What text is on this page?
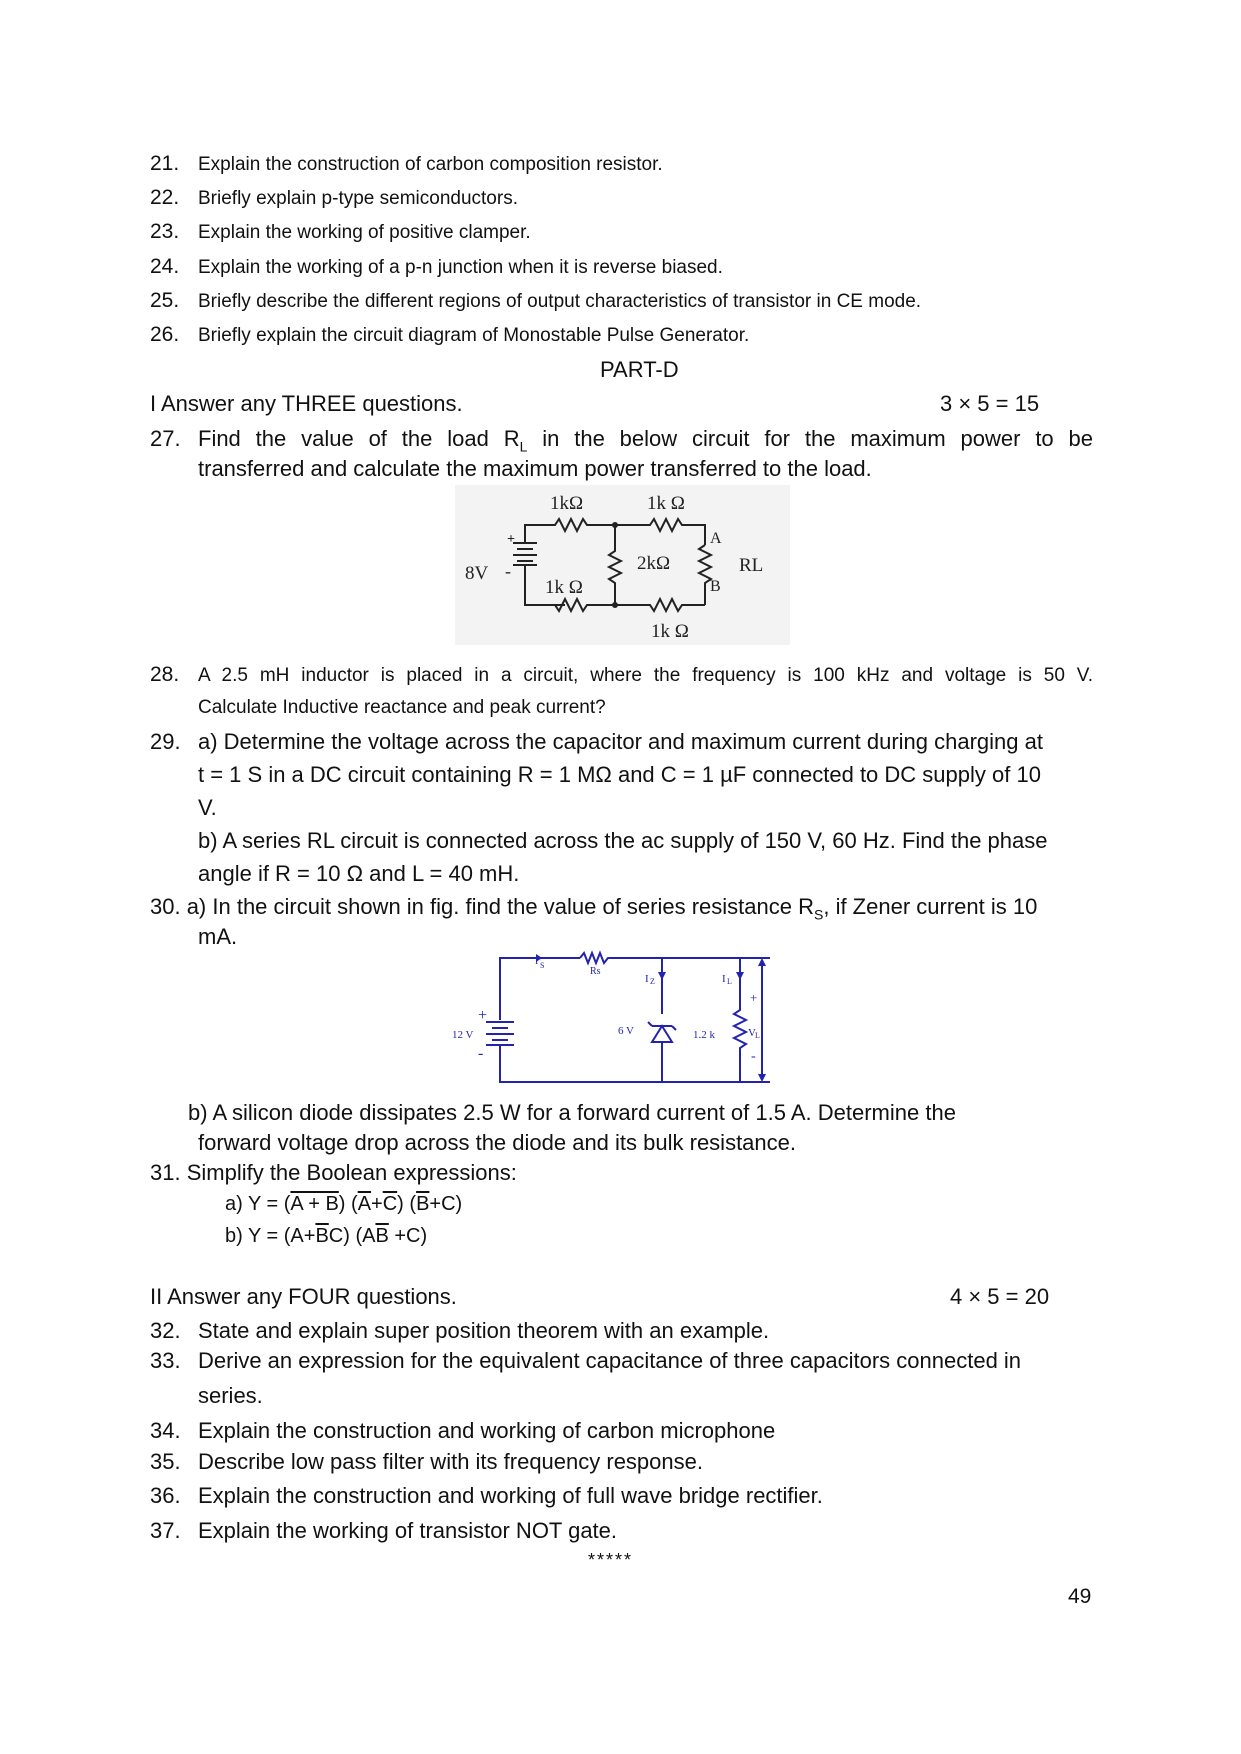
21. Explain the construction of carbon composition resistor.
22. Briefly explain p-type semiconductors.
23. Explain the working of positive clamper.
24. Explain the working of a p-n junction when it is reverse biased.
25. Briefly describe the different regions of output characteristics of transistor in CE mode.
26. Briefly explain the circuit diagram of Monostable Pulse Generator.
PART-D
I Answer any THREE questions.	3 × 5 = 15
27. Find the value of the load $R_L$ in the below circuit for the maximum power to be
transferred and calculate the maximum power transferred to the load.
1kΩ	1k Ω
2kΩ
1k Ω
1k Ω
8V
+
-
A
B
RL
28. A 2.5 mH inductor is placed in a circuit, where the frequency is 100 kHz and voltage is 50 V.
Calculate Inductive reactance and peak current?
29. a) Determine the voltage across the capacitor and maximum current during charging at
t = 1 S in a DC circuit containing R = 1 MΩ and C = 1 µF connected to DC supply of 10
V.
b) A series RL circuit is connected across the ac supply of 150 V, 60 Hz. Find the phase
angle if R = 10 Ω and L = 40 mH.
30. a) In the circuit shown in fig. find the value of series resistance $R_S$, if Zener current is 10
mA.
I S
Rs
I Z	I L
6 V	1.2 k	V L
12 V
+
-
+
-
b) A silicon diode dissipates 2.5 W for a forward current of 1.5 A. Determine the
forward voltage drop across the diode and its bulk resistance.
31. Simplify the Boolean expressions:
a) Y = (A + B) $(\overline{A}+\overline{C})$ $(\overline{B}+C)$
b) $Y = (A+\overline{B}C)$ $(A\overline{B} +C)$
II Answer any FOUR questions.	4 × 5 = 20
32. State and explain super position theorem with an example.
33. Derive an expression for the equivalent capacitance of three capacitors connected in
series.
34. Explain the construction and working of carbon microphone
35. Describe low pass filter with its frequency response.
36. Explain the construction and working of full wave bridge rectifier.
37. Explain the working of transistor NOT gate.
*****
49
